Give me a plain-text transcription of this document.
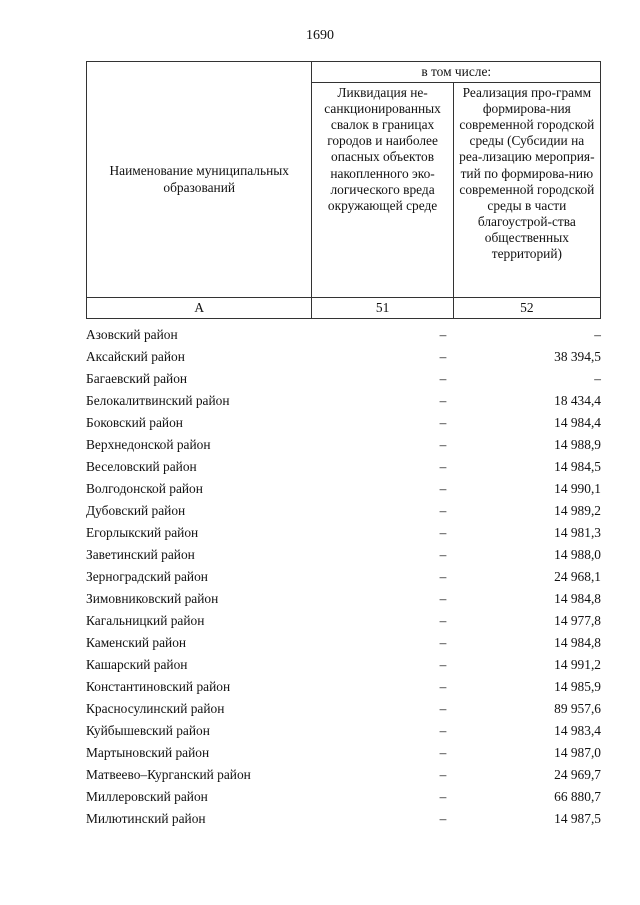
1690
Наименование муниципальных образований	в том числе:	
	Ликвидация не-санкционированных свалок в границах городов и наиболее опасных объектов накопленного эко-логического вреда окружающей среде	Реализация про-грамм формирова-ния современной городской среды (Субсидии на реа-лизацию мероприя-тий по формирова-нию современной городской среды в части благоустрой-ства общественных территорий)
А	51	52
Азовский район	–	–
Аксайский район	–	38 394,5
Багаевский район	–	–
Белокалитвинский район	–	18 434,4
Боковский район	–	14 984,4
Верхнедонской район	–	14 988,9
Веселовский район	–	14 984,5
Волгодонской район	–	14 990,1
Дубовский район	–	14 989,2
Егорлыкский район	–	14 981,3
Заветинский район	–	14 988,0
Зерноградский район	–	24 968,1
Зимовниковский район	–	14 984,8
Кагальницкий район	–	14 977,8
Каменский район	–	14 984,8
Кашарский район	–	14 991,2
Константиновский район	–	14 985,9
Красносулинский район	–	89 957,6
Куйбышевский район	–	14 983,4
Мартыновский район	–	14 987,0
Матвеево–Курганский район	–	24 969,7
Миллеровский район	–	66 880,7
Милютинский район	–	14 987,5
